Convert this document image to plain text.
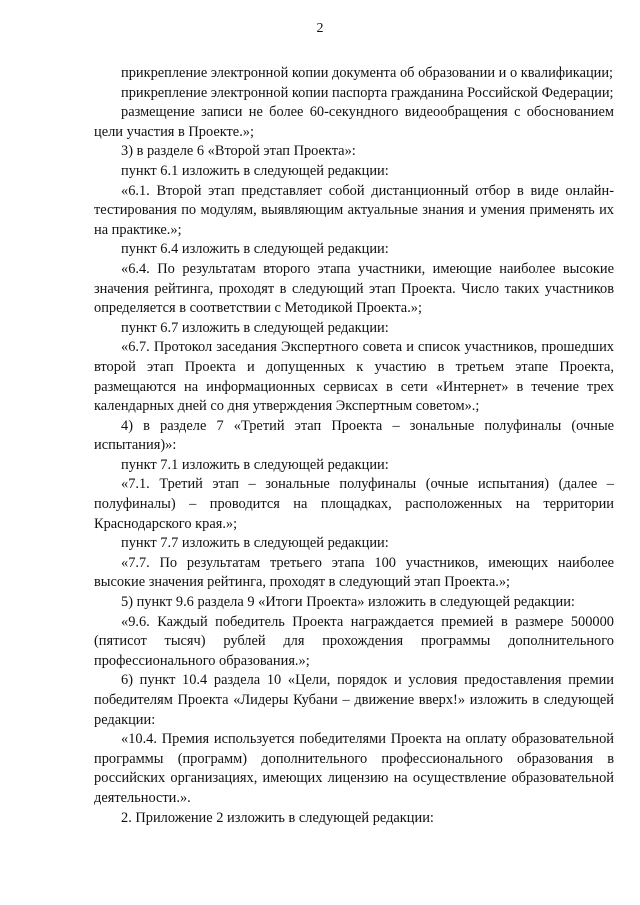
2

прикрепление электронной копии документа об образовании и о квалификации;

прикрепление электронной копии паспорта гражданина Российской Федерации;

размещение записи не более 60-секундного видеообращения с обоснованием цели участия в Проекте.»;

3) в разделе 6 «Второй этап Проекта»:

пункт 6.1 изложить в следующей редакции:

«6.1. Второй этап представляет собой дистанционный отбор в виде онлайн-тестирования по модулям, выявляющим актуальные знания и умения применять их на практике.»;

пункт 6.4 изложить в следующей редакции:

«6.4. По результатам второго этапа участники, имеющие наиболее высокие значения рейтинга, проходят в следующий этап Проекта. Число таких участников определяется в соответствии с Методикой Проекта.»;

пункт 6.7 изложить в следующей редакции:

«6.7. Протокол заседания Экспертного совета и список участников, прошедших второй этап Проекта и допущенных к участию в третьем этапе Проекта, размещаются на информационных сервисах в сети «Интернет» в течение трех календарных дней со дня утверждения Экспертным советом».;

4) в разделе 7 «Третий этап Проекта – зональные полуфиналы (очные испытания)»:

пункт 7.1 изложить в следующей редакции:

«7.1. Третий этап – зональные полуфиналы (очные испытания) (далее – полуфиналы) – проводится на площадках, расположенных на территории Краснодарского края.»;

пункт 7.7 изложить в следующей редакции:

«7.7. По результатам третьего этапа 100 участников, имеющих наиболее высокие значения рейтинга, проходят в следующий этап Проекта.»;

5) пункт 9.6 раздела 9 «Итоги Проекта» изложить в следующей редакции:

«9.6. Каждый победитель Проекта награждается премией в размере 500000 (пятисот тысяч) рублей для прохождения программы дополнительного профессионального образования.»;

6) пункт 10.4 раздела 10 «Цели, порядок и условия предоставления премии победителям Проекта «Лидеры Кубани – движение вверх!» изложить в следующей редакции:

«10.4. Премия используется победителями Проекта на оплату образовательной программы (программ) дополнительного профессионального образования в российских организациях, имеющих лицензию на осуществление образовательной деятельности.».

2. Приложение 2 изложить в следующей редакции:
